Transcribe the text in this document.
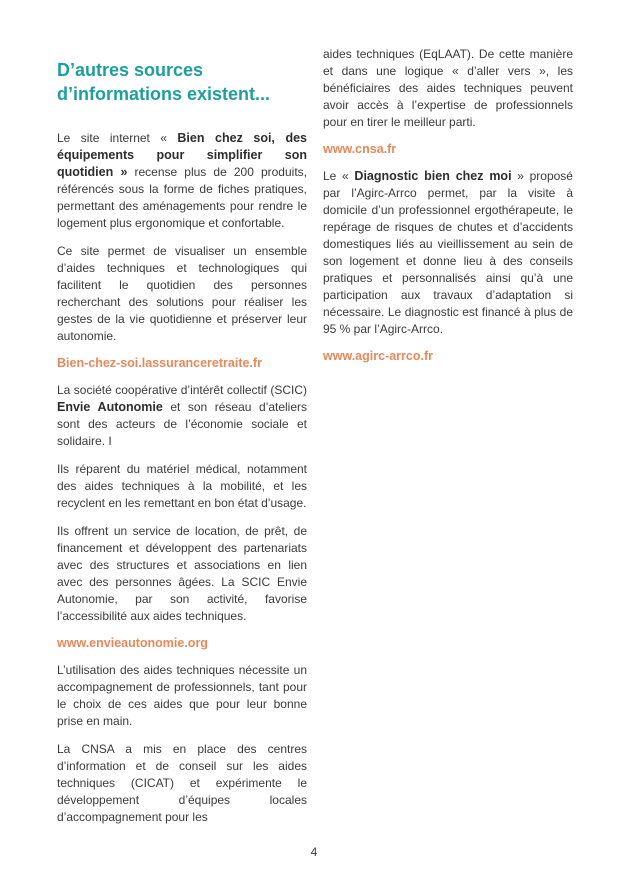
D’autres sources
d’informations existent...

Le site internet « Bien chez soi, des équipements pour simplifier son quotidien » recense plus de 200 produits, référencés sous la forme de fiches pratiques, permettant des aménagements pour rendre le logement plus ergonomique et confortable.

Ce site permet de visualiser un ensemble d’aides techniques et technologiques qui facilitent le quotidien des personnes recherchant des solutions pour réaliser les gestes de la vie quotidienne et préserver leur autonomie.

Bien-chez-soi.lassuranceretraite.fr

La société coopérative d’intérêt collectif (SCIC) Envie Autonomie et son réseau d’ateliers sont des acteurs de l’économie sociale et solidaire. I

Ils réparent du matériel médical, notamment des aides techniques à la mobilité, et les recyclent en les remettant en bon état d’usage.

Ils offrent un service de location, de prêt, de financement et développent des partenariats avec des structures et associations en lien avec des personnes âgées. La SCIC Envie Autonomie, par son activité, favorise l’accessibilité aux aides techniques.

www.envieautonomie.org

L’utilisation des aides techniques nécessite un accompagnement de professionnels, tant pour le choix de ces aides que pour leur bonne prise en main.

La CNSA a mis en place des centres d’information et de conseil sur les aides techniques (CICAT) et expérimente le développement d’équipes locales d’accompagnement pour les

aides techniques (EqLAAT). De cette manière et dans une logique « d’aller vers », les bénéficiaires des aides techniques peuvent avoir accès à l’expertise de professionnels pour en tirer le meilleur parti.

www.cnsa.fr

Le « Diagnostic bien chez moi » proposé par l’Agirc-Arrco permet, par la visite à domicile d’un professionnel ergothérapeute, le repérage de risques de chutes et d’accidents domestiques liés au vieillissement au sein de son logement et donne lieu à des conseils pratiques et personnalisés ainsi qu’à une participation aux travaux d’adaptation si nécessaire. Le diagnostic est financé à plus de 95 % par l’Agirc-Arrco.

www.agirc-arrco.fr
4
